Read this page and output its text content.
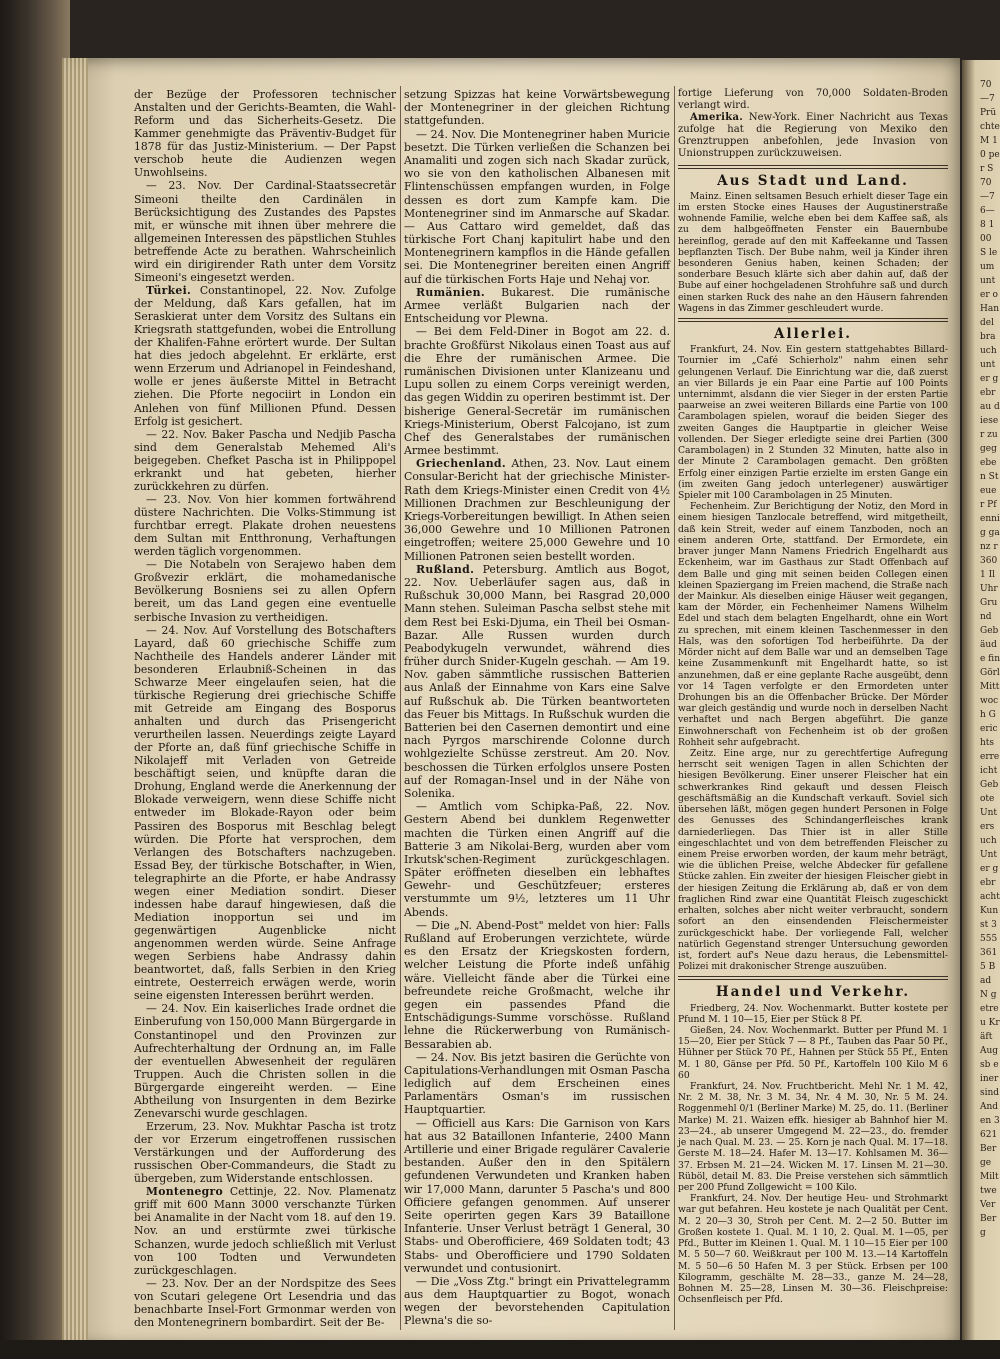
70—7 Prüchte M 10 per S 70—7 6—8 100 S leum unter o Handel brauch unter gebrau dieser zugegeben Steuer Pfennig ganz r 3601 Il Uhr Grund Gebäude fin Görl Mittwoch Gerichts erreicht Gebote Untersuch Unter gebracht Kunst 3555 3615 Bad N getreu Kräft Augsb einer sind Anden 3621 Berge Milttwe Ver Berg

der Bezüge der Professoren technischer Anstalten und der Gerichts-Beamten, die Wahl-Reform und das Sicherheits-Gesetz. Die Kammer genehmigte das Präventiv-Budget für 1878 für das Justiz-Ministerium. — Der Papst verschob heute die Audienzen wegen Unwohlseins.

— 23. Nov. Der Cardinal-Staatssecretär Simeoni theilte den Cardinälen in Berücksichtigung des Zustandes des Papstes mit, er wünsche mit ihnen über mehrere die allgemeinen Interessen des päpstlichen Stuhles betreffende Acte zu berathen. Wahrscheinlich wird ein dirigirender Rath unter dem Vorsitz Simeoni's eingesetzt werden.

Türkei. Constantinopel, 22. Nov. Zufolge der Meldung, daß Kars gefallen, hat im Seraskierat unter dem Vorsitz des Sultans ein Kriegsrath stattgefunden, wobei die Entrollung der Khalifen-Fahne erörtert wurde. Der Sultan hat dies jedoch abgelehnt. Er erklärte, erst wenn Erzerum und Adrianopel in Feindeshand, wolle er jenes äußerste Mittel in Betracht ziehen. Die Pforte negociirt in London ein Anlehen von fünf Millionen Pfund. Dessen Erfolg ist gesichert.

— 22. Nov. Baker Pascha und Nedjib Pascha sind dem Generalstab Mehemed Ali's beigegeben. Chefket Pascha ist in Philippopel erkrankt und hat gebeten, hierher zurückkehren zu dürfen.

— 23. Nov. Von hier kommen fortwährend düstere Nachrichten. Die Volks-Stimmung ist furchtbar erregt. Plakate drohen neuestens dem Sultan mit Entthronung, Verhaftungen werden täglich vorgenommen.

— Die Notabeln von Serajewo haben dem Großvezir erklärt, die mohamedanische Bevölkerung Bosniens sei zu allen Opfern bereit, um das Land gegen eine eventuelle serbische Invasion zu vertheidigen.

— 24. Nov. Auf Vorstellung des Botschafters Layard, daß 60 griechische Schiffe zum Nachtheile des Handels anderer Länder mit besonderen Erlaubniß-Scheinen in das Schwarze Meer eingelaufen seien, hat die türkische Regierung drei griechische Schiffe mit Getreide am Eingang des Bosporus anhalten und durch das Prisengericht verurtheilen lassen. Neuerdings zeigte Layard der Pforte an, daß fünf griechische Schiffe in Nikolajeff mit Verladen von Getreide beschäftigt seien, und knüpfte daran die Drohung, England werde die Anerkennung der Blokade verweigern, wenn diese Schiffe nicht entweder im Blokade-Rayon oder beim Passiren des Bosporus mit Beschlag belegt würden. Die Pforte hat versprochen, dem Verlangen des Botschafters nachzugeben. Essad Bey, der türkische Botschafter, in Wien, telegraphirte an die Pforte, er habe Andrassy wegen einer Mediation sondirt. Dieser indessen habe darauf hingewiesen, daß die Mediation inopportun sei und im gegenwärtigen Augenblicke nicht angenommen werden würde. Seine Anfrage wegen Serbiens habe Andrassy dahin beantwortet, daß, falls Serbien in den Krieg eintrete, Oesterreich erwägen werde, worin seine eigensten Interessen berührt werden.

— 24. Nov. Ein kaiserliches Irade ordnet die Einberufung von 150,000 Mann Bürgergarde in Constantinopel und den Provinzen zur Aufrechterhaltung der Ordnung an, im Falle der eventuellen Abwesenheit der regulären Truppen. Auch die Christen sollen in die Bürgergarde eingereiht werden. — Eine Abtheilung von Insurgenten in dem Bezirke Zenevarschi wurde geschlagen.

Erzerum, 23. Nov. Mukhtar Pascha ist trotz der vor Erzerum eingetroffenen russischen Verstärkungen und der Aufforderung des russischen Ober-Commandeurs, die Stadt zu übergeben, zum Widerstande entschlossen.

Montenegro Cettinje, 22. Nov. Plamenatz griff mit 600 Mann 3000 verschanzte Türken bei Anamalite in der Nacht vom 18. auf den 19. Nov. an und erstürmte zwei türkische Schanzen, wurde jedoch schließlich mit Verlust von 100 Todten und Verwundeten zurückgeschlagen.

— 23. Nov. Der an der Nordspitze des Sees von Scutari gelegene Ort Lesendria und das benachbarte Insel-Fort Grmonmar werden von den Montenegrinern bombardirt. Seit der Be-

setzung Spizzas hat keine Vorwärtsbewegung der Montenegriner in der gleichen Richtung stattgefunden.

— 24. Nov. Die Montenegriner haben Muricie besetzt. Die Türken verließen die Schanzen bei Anamaliti und zogen sich nach Skadar zurück, wo sie von den katholischen Albanesen mit Flintenschüssen empfangen wurden, in Folge dessen es dort zum Kampfe kam. Die Montenegriner sind im Anmarsche auf Skadar. — Aus Cattaro wird gemeldet, daß das türkische Fort Chanj kapitulirt habe und den Montenegrinern kampflos in die Hände gefallen sei. Die Montenegriner bereiten einen Angriff auf die türkischen Forts Haje und Nehaj vor.

Rumänien. Bukarest. Die rumänische Armee verläßt Bulgarien nach der Entscheidung vor Plewna.

— Bei dem Feld-Diner in Bogot am 22. d. brachte Großfürst Nikolaus einen Toast aus auf die Ehre der rumänischen Armee. Die rumänischen Divisionen unter Klanizeanu und Lupu sollen zu einem Corps vereinigt werden, das gegen Widdin zu operiren bestimmt ist. Der bisherige General-Secretär im rumänischen Kriegs-Ministerium, Oberst Falcojano, ist zum Chef des Generalstabes der rumänischen Armee bestimmt.

Griechenland. Athen, 23. Nov. Laut einem Consular-Bericht hat der griechische Minister-Rath dem Kriegs-Minister einen Credit von 4½ Millionen Drachmen zur Beschleunigung der Kriegs-Vorbereitungen bewilligt. In Athen seien 36,000 Gewehre und 10 Millionen Patronen eingetroffen; weitere 25,000 Gewehre und 10 Millionen Patronen seien bestellt worden.

Rußland. Petersburg. Amtlich aus Bogot, 22. Nov. Ueberläufer sagen aus, daß in Rußschuk 30,000 Mann, bei Rasgrad 20,000 Mann stehen. Suleiman Pascha selbst stehe mit dem Rest bei Eski-Djuma, ein Theil bei Osman-Bazar. Alle Russen wurden durch Peabodykugeln verwundet, während dies früher durch Snider-Kugeln geschah. — Am 19. Nov. gaben sämmtliche russischen Batterien aus Anlaß der Einnahme von Kars eine Salve auf Rußschuk ab. Die Türken beantworteten das Feuer bis Mittags. In Rußschuk wurden die Batterien bei den Casernen demontirt und eine nach Pyrgos marschirende Colonne durch wohlgezielte Schüsse zerstreut. Am 20. Nov. beschossen die Türken erfolglos unsere Posten auf der Romagan-Insel und in der Nähe von Solenika.

— Amtlich vom Schipka-Paß, 22. Nov. Gestern Abend bei dunklem Regenwetter machten die Türken einen Angriff auf die Batterie 3 am Nikolai-Berg, wurden aber vom Irkutsk'schen-Regiment zurückgeschlagen. Später eröffneten dieselben ein lebhaftes Gewehr- und Geschützfeuer; ersteres verstummte um 9½, letzteres um 11 Uhr Abends.

— Die „N. Abend-Post" meldet von hier: Falls Rußland auf Eroberungen verzichtete, würde es den Ersatz der Kriegskosten fordern, welcher Leistung die Pforte indeß unfähig wäre. Vielleicht fände aber die Türkei eine befreundete reiche Großmacht, welche ihr gegen ein passendes Pfand die Entschädigungs-Summe vorschösse. Rußland lehne die Rückerwerbung von Rumänisch-Bessarabien ab.

— 24. Nov. Bis jetzt basiren die Gerüchte von Capitulations-Verhandlungen mit Osman Pascha lediglich auf dem Erscheinen eines Parlamentärs Osman's im russischen Hauptquartier.

— Officiell aus Kars: Die Garnison von Kars hat aus 32 Bataillonen Infanterie, 2400 Mann Artillerie und einer Brigade regulärer Cavalerie bestanden. Außer den in den Spitälern gefundenen Verwundeten und Kranken haben wir 17,000 Mann, darunter 5 Pascha's und 800 Officiere gefangen genommen. Auf unserer Seite operirten gegen Kars 39 Bataillone Infanterie. Unser Verlust beträgt 1 General, 30 Stabs- und Oberofficiere, 469 Soldaten todt; 43 Stabs- und Oberofficiere und 1790 Soldaten verwundet und contusionirt.

— Die „Voss Ztg." bringt ein Privattelegramm aus dem Hauptquartier zu Bogot, wonach wegen der bevorstehenden Capitulation Plewna's die so-

fortige Lieferung von 70,000 Soldaten-Broden verlangt wird.

Amerika. New-York. Einer Nachricht aus Texas zufolge hat die Regierung von Mexiko den Grenztruppen anbefohlen, jede Invasion von Unionstruppen zurückzuweisen.

Aus Stadt und Land.

Mainz. Einen seltsamen Besuch erhielt dieser Tage ein im ersten Stocke eines Hauses der Augustinerstraße wohnende Familie, welche eben bei dem Kaffee saß, als zu dem halbgeöffneten Fenster ein Bauernbube hereinflog, gerade auf den mit Kaffeekanne und Tassen bepflanzten Tisch. Der Bube nahm, weil ja Kinder ihren besonderen Genius haben, keinen Schaden; der sonderbare Besuch klärte sich aber dahin auf, daß der Bube auf einer hochgeladenen Strohfuhre saß und durch einen starken Ruck des nahe an den Häusern fahrenden Wagens in das Zimmer geschleudert wurde.

Allerlei.

Frankfurt, 24. Nov. Ein gestern stattgehabtes Billard-Tournier im „Café Schierholz" nahm einen sehr gelungenen Verlauf. Die Einrichtung war die, daß zuerst an vier Billards je ein Paar eine Partie auf 100 Points unternimmt, alsdann die vier Sieger in der ersten Partie paarweise an zwei weiteren Billards eine Partie von 100 Carambolagen spielen, worauf die beiden Sieger des zweiten Ganges die Hauptpartie in gleicher Weise vollenden. Der Sieger erledigte seine drei Partien (300 Carambolagen) in 2 Stunden 32 Minuten, hatte also in der Minute 2 Carambolagen gemacht. Den größten Erfolg einer einzigen Partie erzielte im ersten Gange ein (im zweiten Gang jedoch unterlegener) auswärtiger Spieler mit 100 Carambolagen in 25 Minuten.

Fechenheim. Zur Berichtigung der Notiz, den Mord in einem hiesigen Tanzlocale betreffend, wird mitgetheilt, daß kein Streit, weder auf einem Tanzboden, noch an einem anderen Orte, stattfand. Der Ermordete, ein braver junger Mann Namens Friedrich Engelhardt aus Eckenheim, war im Gasthaus zur Stadt Offenbach auf dem Balle und ging mit seinen beiden Collegen einen kleinen Spaziergang im Freien machend, die Straße nach der Mainkur. Als dieselben einige Häuser weit gegangen, kam der Mörder, ein Fechenheimer Namens Wilhelm Edel und stach dem belagten Engelhardt, ohne ein Wort zu sprechen, mit einem kleinen Taschenmesser in den Hals, was den sofortigen Tod herbeiführte. Da der Mörder nicht auf dem Balle war und an demselben Tage keine Zusammenkunft mit Engelhardt hatte, so ist anzunehmen, daß er eine geplante Rache ausgeübt, denn vor 14 Tagen verfolgte er den Ermordeten unter Drohungen bis an die Offenbacher Brücke. Der Mörder war gleich geständig und wurde noch in derselben Nacht verhaftet und nach Bergen abgeführt. Die ganze Einwohnerschaft von Fechenheim ist ob der großen Rohheit sehr aufgebracht.

Zeitz. Eine arge, nur zu gerechtfertige Aufregung herrscht seit wenigen Tagen in allen Schichten der hiesigen Bevölkerung. Einer unserer Fleischer hat ein schwerkrankes Rind gekauft und dessen Fleisch geschäftsmäßig an die Kundschaft verkauft. Soviel sich übersehen läßt, mögen gegen hundert Personen in Folge des Genusses des Schindangerfleisches krank darniederliegen. Das Thier ist in aller Stille eingeschlachtet und von dem betreffenden Fleischer zu einem Preise erworben worden, der kaum mehr beträgt, wie die üblichen Preise, welche Abdecker für gefallene Stücke zahlen. Ein zweiter der hiesigen Fleischer giebt in der hiesigen Zeitung die Erklärung ab, daß er von dem fraglichen Rind zwar eine Quantität Fleisch zugeschickt erhalten, solches aber nicht weiter verbraucht, sondern sofort an den einsendenden Fleischermeister zurückgeschickt habe. Der vorliegende Fall, welcher natürlich Gegenstand strenger Untersuchung geworden ist, fordert auf's Neue dazu heraus, die Lebensmittel-Polizei mit drakonischer Strenge auszuüben.

Handel und Verkehr.

Friedberg, 24. Nov. Wochenmarkt. Butter kostete per Pfund M. 1 10—15, Eier per Stück 8 Pf.

Gießen, 24. Nov. Wochenmarkt. Butter per Pfund M. 1 15—20, Eier per Stück 7 — 8 Pf., Tauben das Paar 50 Pf., Hühner per Stück 70 Pf., Hahnen per Stück 55 Pf., Enten M. 1 80, Gänse per Pfd. 50 Pf., Kartoffeln 100 Kilo M 6 60

Frankfurt, 24. Nov. Fruchtbericht. Mehl Nr. 1 M. 42, Nr. 2 M. 38, Nr. 3 M. 34, Nr. 4 M. 30, Nr. 5 M. 24. Roggenmehl 0/1 (Berliner Marke) M. 25, do. 11. (Berliner Marke) M. 21. Waizen effk. hiesiger ab Bahnhof hier M. 23—24., ab unserer Umgegend M. 22—23., do. fremder je nach Qual. M. 23. — 25. Korn je nach Qual. M. 17—18. Gerste M. 18—24. Hafer M. 13—17. Kohlsamen M. 36—37. Erbsen M. 21—24. Wicken M. 17. Linsen M. 21—30. Rüböl, detail M. 83. Die Preise verstehen sich sämmtlich per 200 Pfund Zollgewicht = 100 Kilo.

Frankfurt, 24. Nov. Der heutige Heu- und Strohmarkt war gut befahren. Heu kostete je nach Qualität per Cent. M. 2 20—3 30, Stroh per Cent. M. 2—2 50. Butter im Großen kostete 1. Qual. M. 1 10, 2. Qual. M. 1—05, per Pfd., Butter im Kleinen 1. Qual. M. 1 10—15 Eier per 100 M. 5 50—7 60. Weißkraut per 100 M. 13.—14 Kartoffeln M. 5 50—6 50 Hafen M. 3 per Stück. Erbsen per 100 Kilogramm, geschälte M. 28—33., ganze M. 24—28, Bohnen M. 25—28, Linsen M. 30—36. Fleischpreise: Ochsenfleisch per Pfd.
